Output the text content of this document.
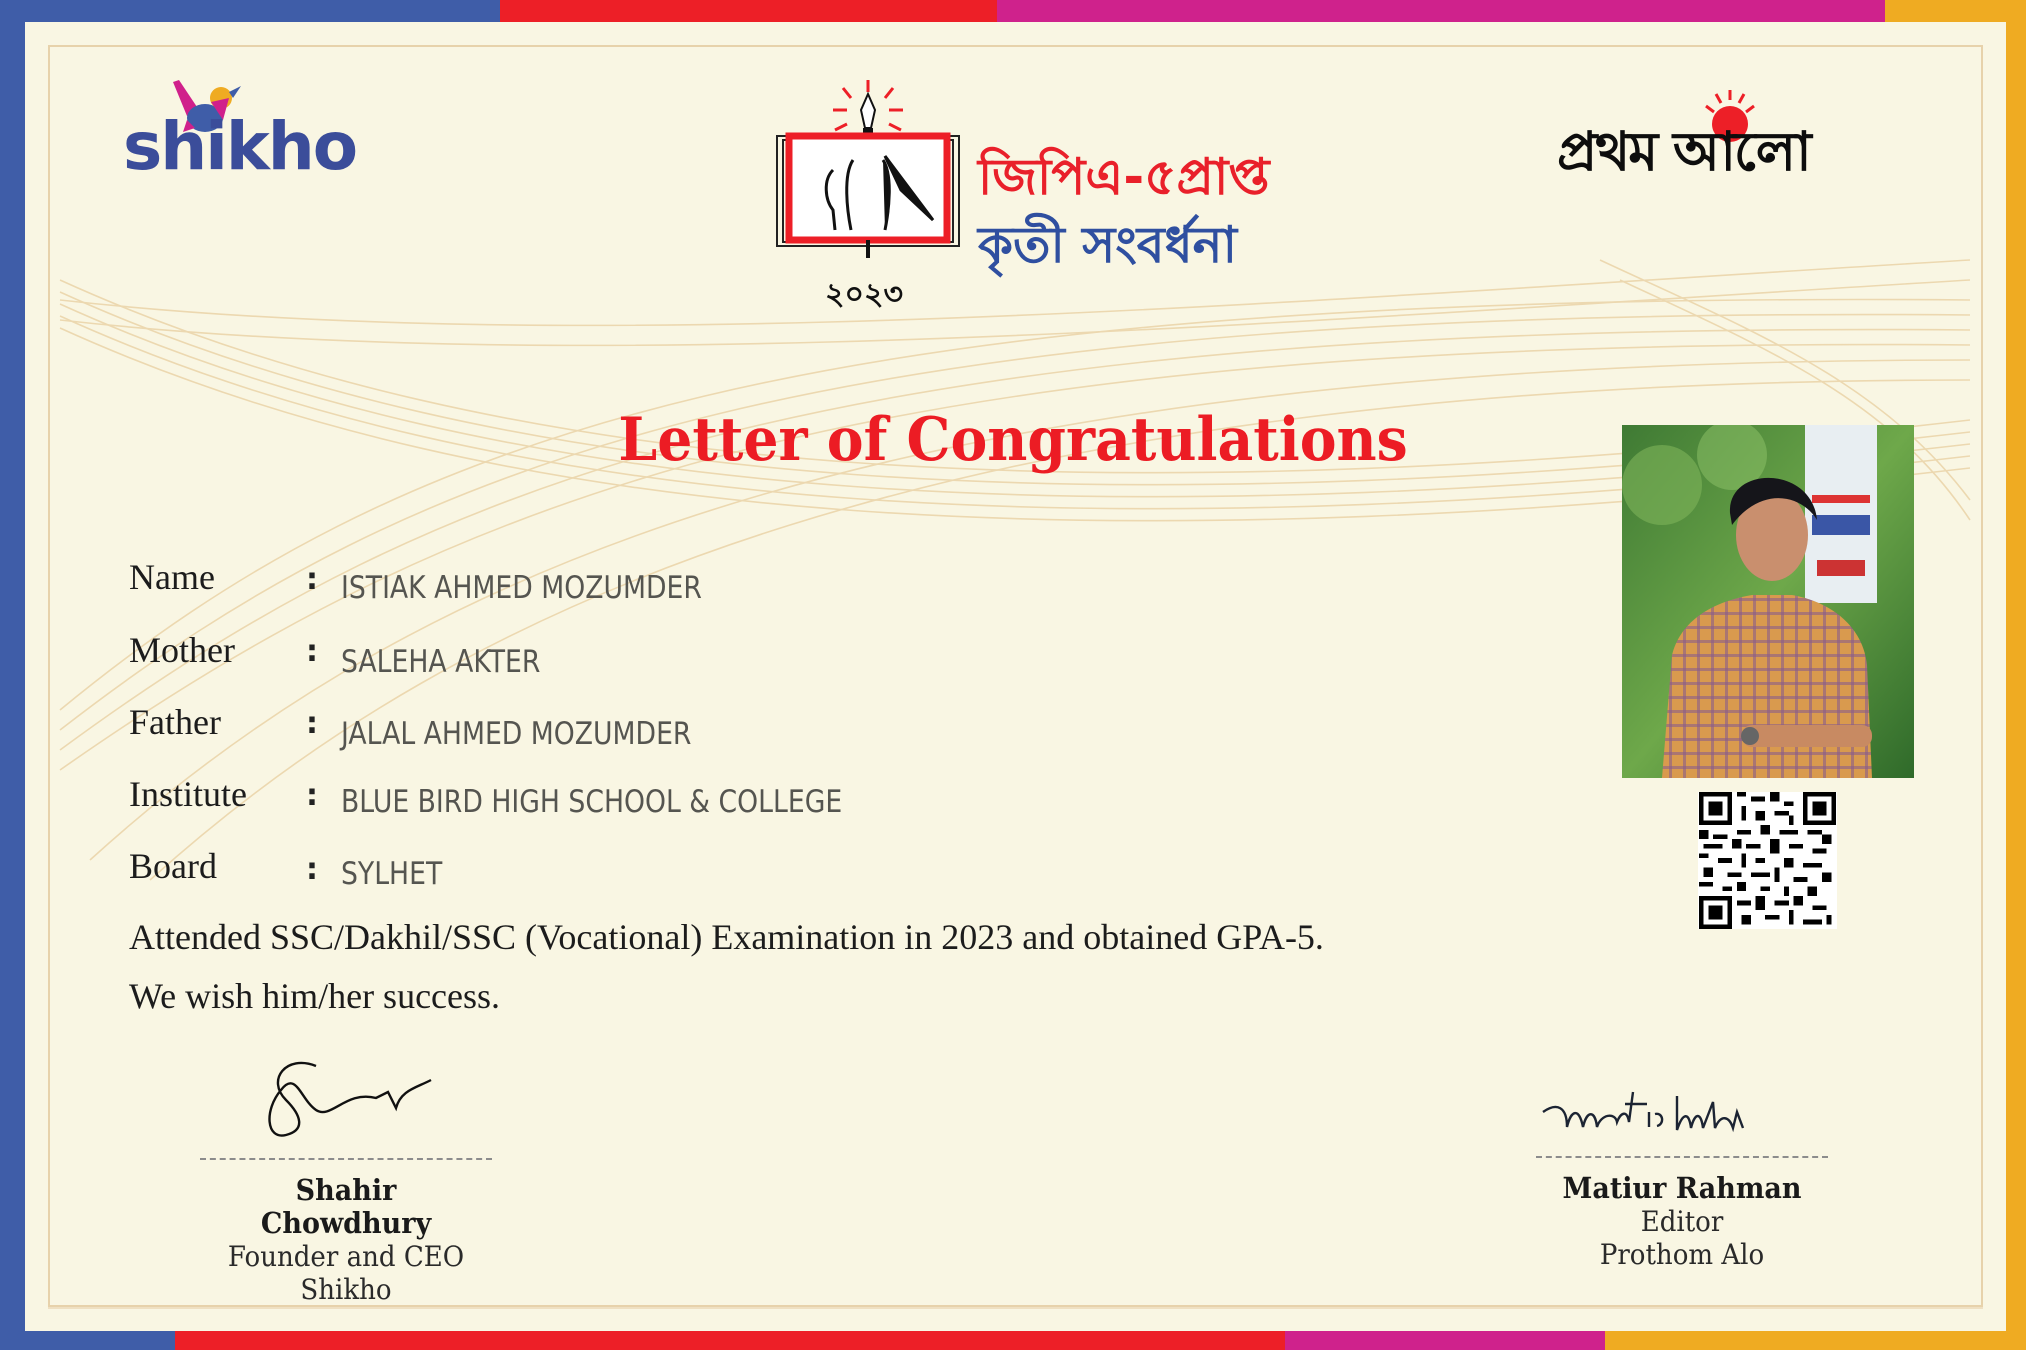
shikho
২০২৩
জিপিএ-৫প্রাপ্ত
কৃতী সংবর্ধনা
প্রথম আলো
Letter of Congratulations
Name	: ISTIAK AHMED MOZUMDER
Mother : SALEHA AKTER
Father	: JALAL AHMED MOZUMDER
Institute : BLUE BIRD HIGH SCHOOL & COLLEGE
Board	: SYLHET
Attended SSC/Dakhil/SSC (Vocational) Examination in 2023 and obtained GPA-5.
We wish him/her success.
Shahir Chowdhury
Founder and CEO
Shikho
Matiur Rahman
Editor
Prothom Alo
